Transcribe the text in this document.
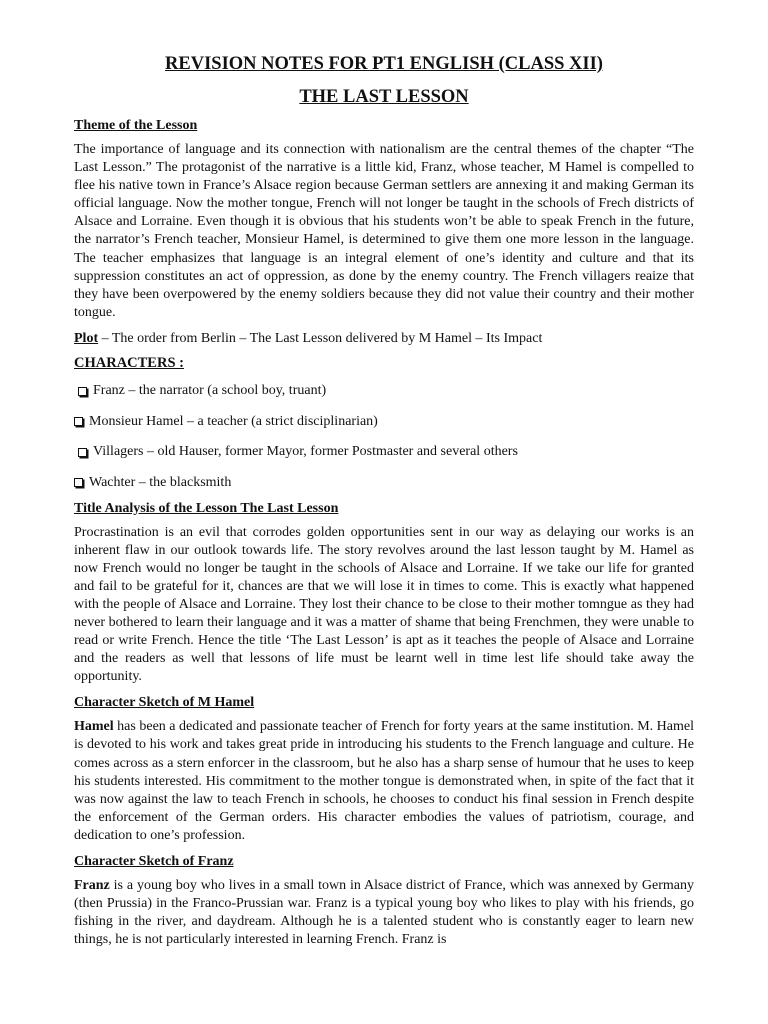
REVISION NOTES FOR PT1 ENGLISH (CLASS XII)
THE LAST LESSON
Theme of the Lesson

The importance of language and its connection with nationalism are the central themes of the chapter “The Last Lesson.” The protagonist of the narrative is a little kid, Franz, whose teacher, M Hamel is compelled to flee his native town in France’s Alsace region because German settlers are annexing it and making German its official language. Now the mother tongue, French will not longer be taught in the schools of Frech districts of Alsace and Lorraine. Even though it is obvious that his students won’t be able to speak French in the future, the narrator’s French teacher, Monsieur Hamel, is determined to give them one more lesson in the language. The teacher emphasizes that language is an integral element of one’s identity and culture and that its suppression constitutes an act of oppression, as done by the enemy country. The French villagers reaize that they have been overpowered by the enemy soldiers because they did not value their country and their mother tongue.

Plot – The order from Berlin – The Last Lesson delivered by M Hamel – Its Impact

CHARACTERS :
Franz – the narrator (a school boy, truant)
Monsieur Hamel – a teacher (a strict disciplinarian)
Villagers – old Hauser, former Mayor, former Postmaster and several others
Wachter – the blacksmith
Title Analysis of the Lesson The Last Lesson

Procrastination is an evil that corrodes golden opportunities sent in our way as delaying our works is an inherent flaw in our outlook towards life. The story revolves around the last lesson taught by M. Hamel as now French would no longer be taught in the schools of Alsace and Lorraine. If we take our life for granted and fail to be grateful for it, chances are that we will lose it in times to come. This is exactly what happened with the people of Alsace and Lorraine. They lost their chance to be close to their mother tomngue as they had never bothered to learn their language and it was a matter of shame that being Frenchmen, they were unable to read or write French. Hence the title ‘The Last Lesson’ is apt as it teaches the people of Alsace and Lorraine and the readers as well that lessons of life must be learnt well in time lest life should take away the opportunity.

Character Sketch of M Hamel

Hamel has been a dedicated and passionate teacher of French for forty years at the same institution. M. Hamel is devoted to his work and takes great pride in introducing his students to the French language and culture. He comes across as a stern enforcer in the classroom, but he also has a sharp sense of humour that he uses to keep his students interested. His commitment to the mother tongue is demonstrated when, in spite of the fact that it was now against the law to teach French in schools, he chooses to conduct his final session in French despite the enforcement of the German orders. His character embodies the values of patriotism, courage, and dedication to one’s profession.

Character Sketch of Franz

Franz is a young boy who lives in a small town in Alsace district of France, which was annexed by Germany (then Prussia) in the Franco-Prussian war. Franz is a typical young boy who likes to play with his friends, go fishing in the river, and daydream. Although he is a talented student who is constantly eager to learn new things, he is not particularly interested in learning French. Franz is
